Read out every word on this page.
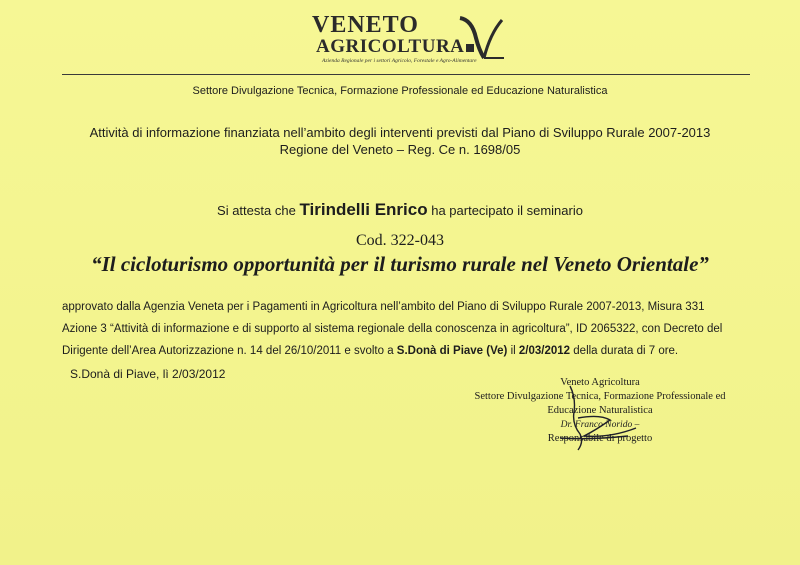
VENETO
AGRICOLTURA
Azienda Regionale per i settori Agricolo, Forestale e Agro-Alimentare
Settore Divulgazione Tecnica, Formazione Professionale ed Educazione Naturalistica
Attività di informazione finanziata nell’ambito degli interventi previsti dal Piano di Sviluppo Rurale 2007-2013
Regione del Veneto – Reg. Ce n. 1698/05
Si attesta che Tirindelli Enrico ha partecipato il seminario
Cod. 322-043
“Il cicloturismo opportunità per il turismo rurale nel Veneto Orientale”

approvato dalla Agenzia Veneta per i Pagamenti in Agricoltura nell’ambito del Piano di Sviluppo Rurale 2007-2013, Misura 331

Azione 3 “Attività di informazione e di supporto al sistema regionale della conoscenza in agricoltura”, ID 2065322, con Decreto del

Dirigente dell’Area Autorizzazione n. 14 del 26/10/2011 e svolto a S.Donà di Piave (Ve) il 2/03/2012 della durata di 7 ore.

S.Donà di Piave, lì 2/03/2012
Veneto Agricoltura
Settore Divulgazione Tecnica, Formazione Professionale ed
Educazione Naturalistica
Dr. Franco Norido –
Responsabile di progetto
